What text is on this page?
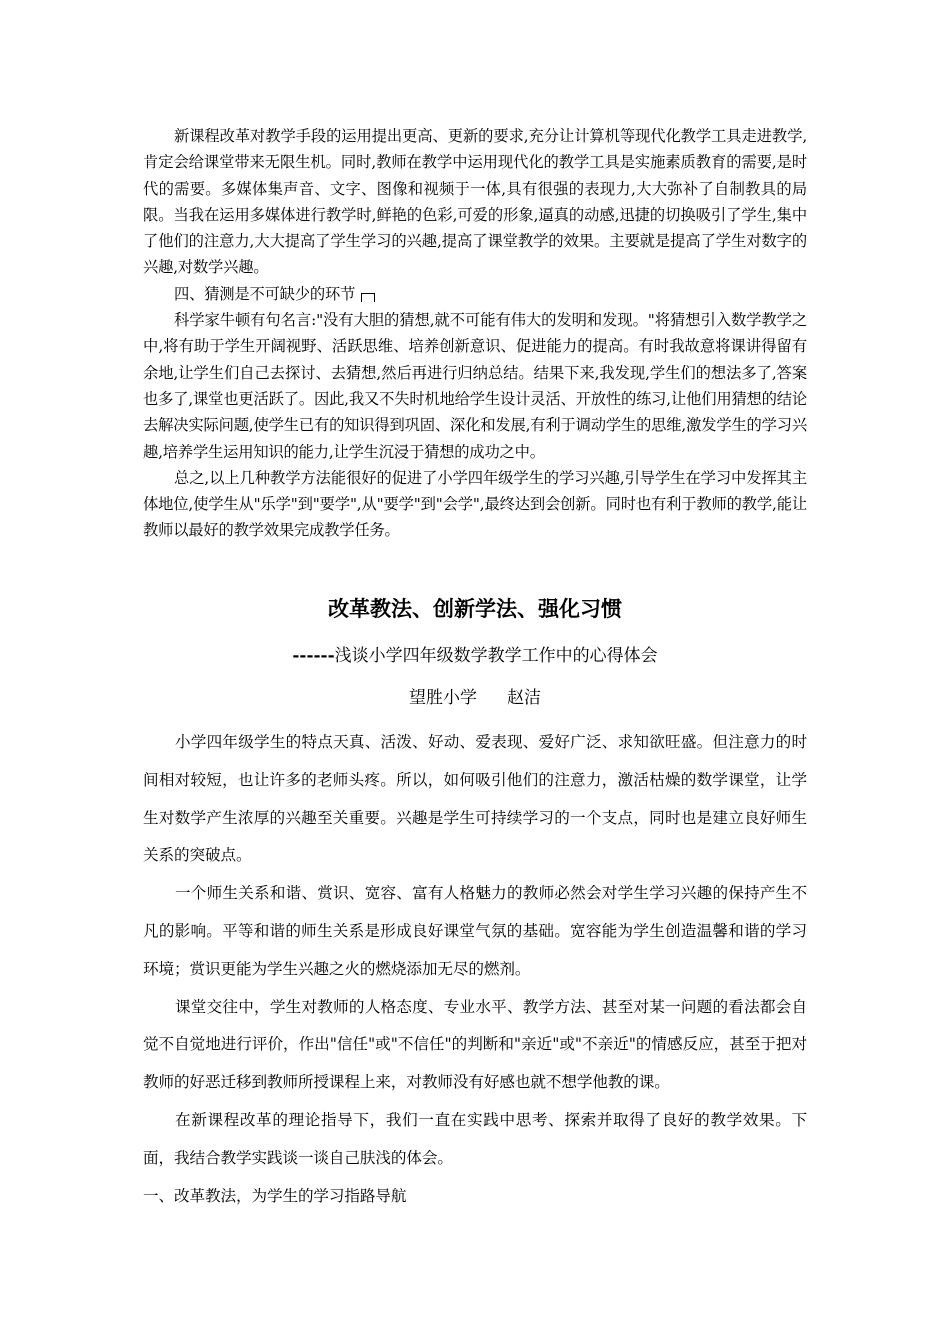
新课程改革对教学手段的运用提出更高、更新的要求,充分让计算机等现代化教学工具走进教学,肯定会给课堂带来无限生机。同时,教师在教学中运用现代化的教学工具是实施素质教育的需要,是时代的需要。多媒体集声音、文字、图像和视频于一体,具有很强的表现力,大大弥补了自制教具的局限。当我在运用多媒体进行教学时,鲜艳的色彩,可爱的形象,逼真的动感,迅捷的切换吸引了学生,集中了他们的注意力,大大提高了学生学习的兴趣,提高了课堂教学的效果。主要就是提高了学生对数字的兴趣,对数学兴趣。

四、猜测是不可缺少的环节

科学家牛顿有句名言:"没有大胆的猜想,就不可能有伟大的发明和发现。"将猜想引入数学教学之中,将有助于学生开阔视野、活跃思维、培养创新意识、促进能力的提高。有时我故意将课讲得留有余地,让学生们自己去探讨、去猜想,然后再进行归纳总结。结果下来,我发现,学生们的想法多了,答案也多了,课堂也更活跃了。因此,我又不失时机地给学生设计灵活、开放性的练习,让他们用猜想的结论去解决实际问题,使学生已有的知识得到巩固、深化和发展,有利于调动学生的思维,激发学生的学习兴趣,培养学生运用知识的能力,让学生沉浸于猜想的成功之中。

总之,以上几种教学方法能很好的促进了小学四年级学生的学习兴趣,引导学生在学习中发挥其主体地位,使学生从"乐学"到"要学",从"要学"到"会学",最终达到会创新。同时也有利于教师的教学,能让教师以最好的教学效果完成教学任务。

改革教法、创新学法、强化习惯

------浅谈小学四年级数学教学工作中的心得体会

望胜小学 赵洁

小学四年级学生的特点天真、活泼、好动、爱表现、爱好广泛、求知欲旺盛。但注意力的时间相对较短，也让许多的老师头疼。所以，如何吸引他们的注意力，激活枯燥的数学课堂，让学生对数学产生浓厚的兴趣至关重要。兴趣是学生可持续学习的一个支点，同时也是建立良好师生关系的突破点。

一个师生关系和谐、赏识、宽容、富有人格魅力的教师必然会对学生学习兴趣的保持产生不凡的影响。平等和谐的师生关系是形成良好课堂气氛的基础。宽容能为学生创造温馨和谐的学习环境；赏识更能为学生兴趣之火的燃烧添加无尽的燃剂。

课堂交往中，学生对教师的人格态度、专业水平、教学方法、甚至对某一问题的看法都会自觉不自觉地进行评价，作出"信任"或"不信任"的判断和"亲近"或"不亲近"的情感反应，甚至于把对教师的好恶迁移到教师所授课程上来，对教师没有好感也就不想学他教的课。

在新课程改革的理论指导下，我们一直在实践中思考、探索并取得了良好的教学效果。下面，我结合教学实践谈一谈自己肤浅的体会。

一、改革教法，为学生的学习指路导航
